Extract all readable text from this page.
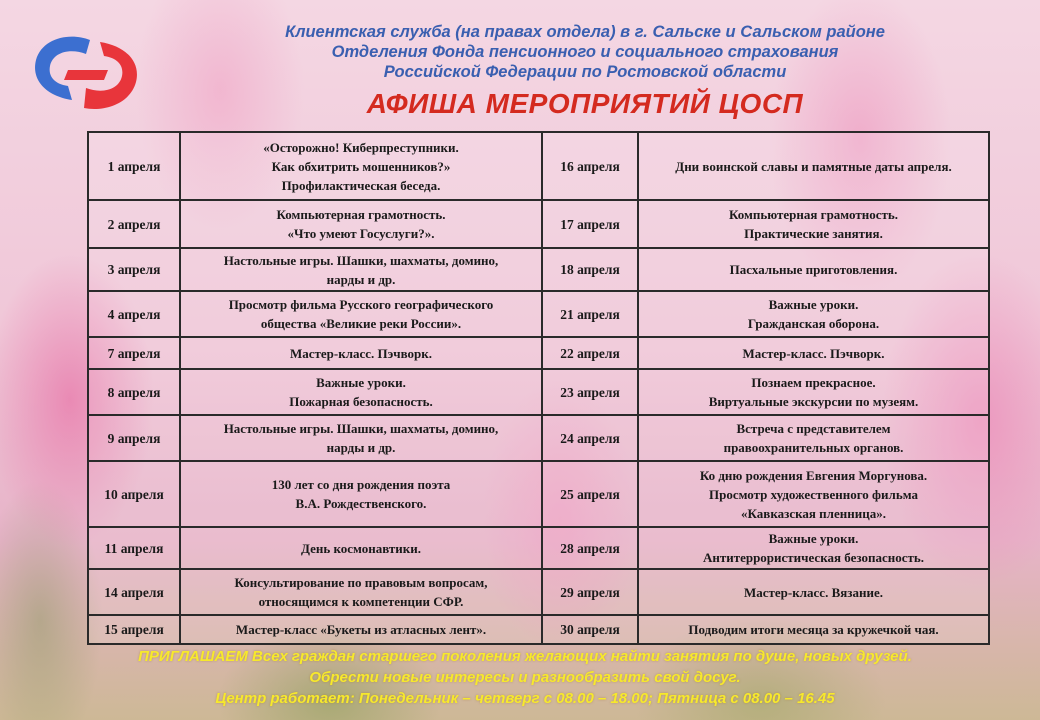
Клиентская служба (на правах отдела) в г. Сальске и Сальском районе
Отделения Фонда пенсионного и социального страхования
Российской Федерации по Ростовской области
АФИША МЕРОПРИЯТИЙ ЦОСП
1 апреля	«Осторожно! Киберпреступники.
Как обхитрить мошенников?»
Профилактическая беседа.	16 апреля	Дни воинской славы и памятные даты апреля.
2 апреля	Компьютерная грамотность.
«Что умеют Госуслуги?».	17 апреля	Компьютерная грамотность.
Практические занятия.
3 апреля	Настольные игры. Шашки, шахматы, домино,
нарды и др.	18 апреля	Пасхальные приготовления.
4 апреля	Просмотр фильма Русского географического
общества «Великие реки России».	21 апреля	Важные уроки.
Гражданская оборона.
7 апреля	Мастер-класс. Пэчворк.	22 апреля	Мастер-класс. Пэчворк.
8 апреля	Важные уроки.
Пожарная безопасность.	23 апреля	Познаем прекрасное.
Виртуальные экскурсии по музеям.
9 апреля	Настольные игры. Шашки, шахматы, домино,
нарды и др.	24 апреля	Встреча с представителем
правоохранительных органов.
10 апреля	130 лет со дня рождения поэта
В.А. Рождественского.	25 апреля	Ко дню рождения Евгения Моргунова.
Просмотр художественного фильма
«Кавказская пленница».
11 апреля	День космонавтики.	28 апреля	Важные уроки.
Антитеррористическая безопасность.
14 апреля	Консультирование по правовым вопросам,
относящимся к компетенции СФР.	29 апреля	Мастер-класс. Вязание.
15 апреля	Мастер-класс «Букеты из атласных лент».	30 апреля	Подводим итоги месяца за кружечкой чая.
ПРИГЛАШАЕМ Всех граждан старшего поколения желающих найти занятия по душе, новых друзей.
Обрести новые интересы и разнообразить свой досуг.
Центр работает: Понедельник – четверг с 08.00 – 18.00; Пятница с 08.00 – 16.45
